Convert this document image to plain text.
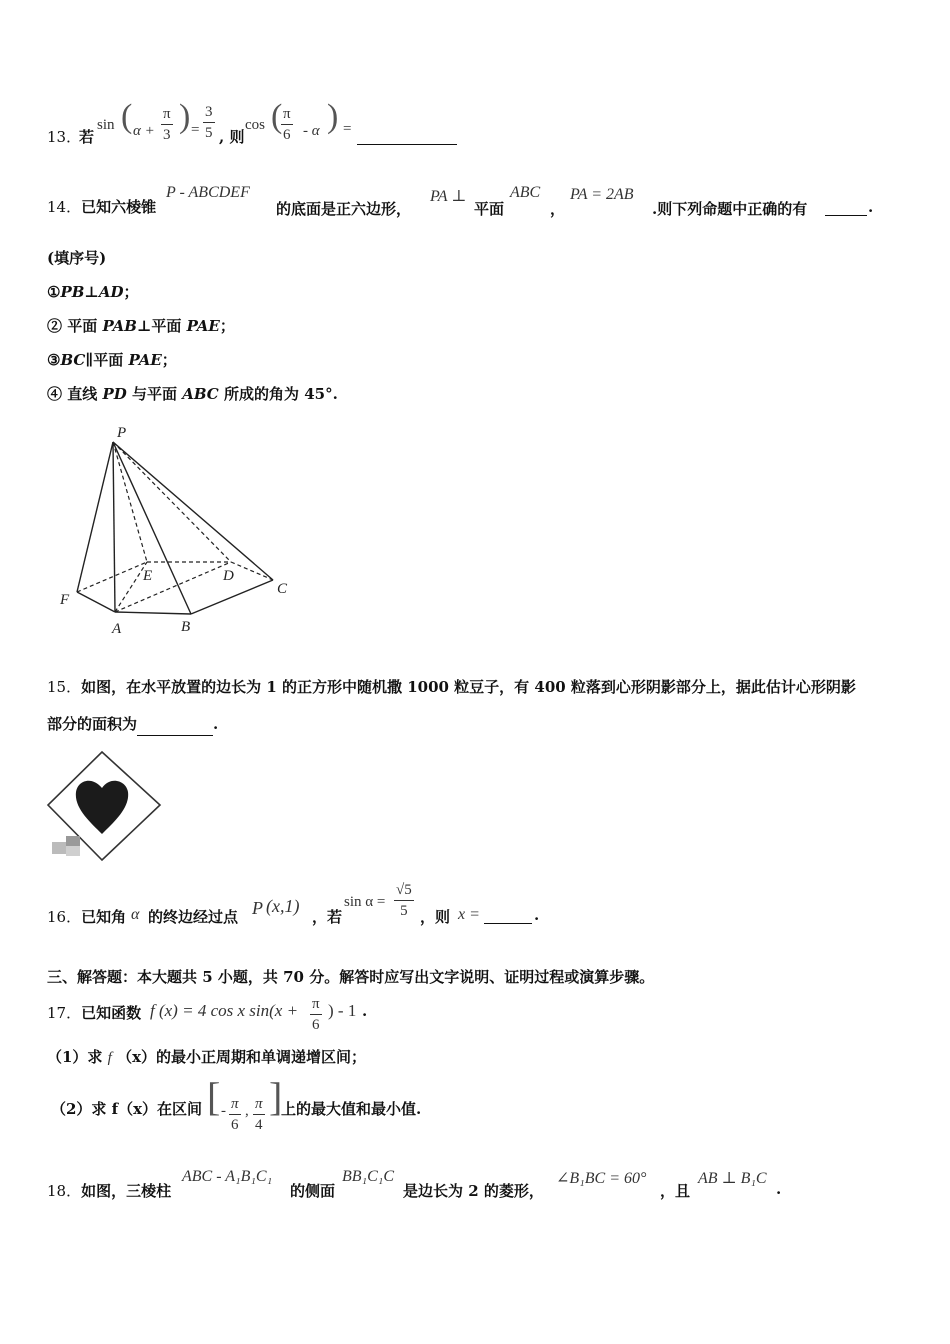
13．
若
sin ( $\alpha + \frac{\pi}{3}$ ) = $\frac{3}{5}$ , 则
cos (
$\frac{\pi}{6}$ - α ) =
14．已知六棱锥
P - ABCDEF
的底面是正六边形，
PA ⊥
平面
ABC
，
PA = 2AB
.则下列命题中正确的有	.
(填序号)
①PB⊥AD；
② 平面 PAB⊥平面 PAE；
③BC∥平面 PAE；
④ 直线 PD 与平面 ABC 所成的角为 45°.
P
E	D
C
F
A	B
15．如图，在水平放置的边长为 1 的正方形中随机撒 1000 粒豆子，有 400 粒落到心形阴影部分上，据此估计心形阴影
部分的面积为	.
16．已知角 α 的终边经过点 P (x,1)
，若
$\sin \alpha = \frac{√5}{5}$ ，则 x =	.
三、解答题：本大题共 5 小题，共 70 分。解答时应写出文字说明、证明过程或演算步骤。
17．已知函数 f (x) = 4 cos x $\sin(x + \frac{\pi}{6}$ ) - 1 .
（1）求 f （x）的最小正周期和单调递增区间；
（2）求 f（x）在区间 [ - $\frac{\pi}{6}$ , $\frac{\pi}{4}$ ]
上的最大值和最小值.
18．如图，三棱柱
ABC - A₁B₁C₁
的侧面
BB₁C₁C
是边长为 2 的菱形，
∠B₁BC = 60°
，且
AB ⊥ B₁C
.
